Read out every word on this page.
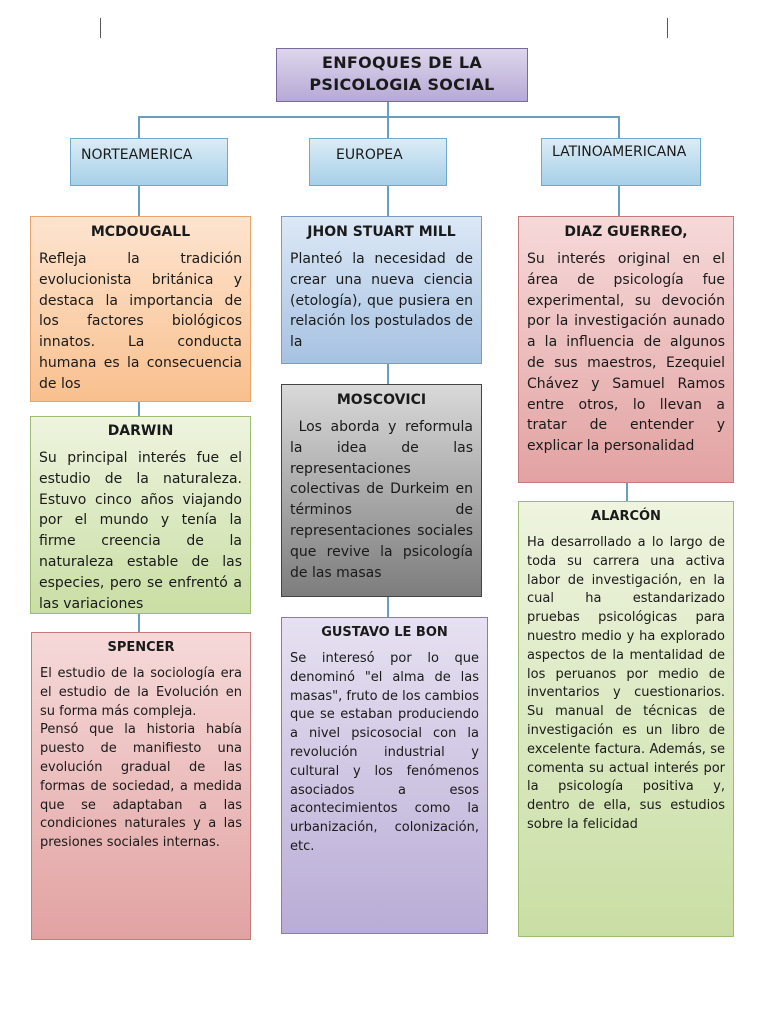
ENFOQUES DE LA PSICOLOGIA SOCIAL
NORTEAMERICA	EUROPEA	LATINOAMERICANA
MCDOUGALL
Refleja la tradición evolucionista británica y destaca la importancia de los factores biológicos innatos. La conducta humana es la consecuencia de los
DARWIN
Su principal interés fue el estudio de la naturaleza. Estuvo cinco años viajando por el mundo y tenía la firme creencia de la naturaleza estable de las especies, pero se enfrentó a las variaciones
SPENCER
El estudio de la sociología era el estudio de la Evolución en su forma más compleja.
Pensó que la historia había puesto de manifiesto una evolución gradual de las formas de sociedad, a medida que se adaptaban a las condiciones naturales y a las presiones sociales internas.
JHON STUART MILL
Planteó la necesidad de crear una nueva ciencia (etología), que pusiera en relación los postulados de la
MOSCOVICI
Los aborda y reformula la idea de las representaciones colectivas de Durkeim en términos de representaciones sociales que revive la psicología de las masas
GUSTAVO LE BON
Se interesó por lo que denominó "el alma de las masas", fruto de los cambios que se estaban produciendo a nivel psicosocial con la revolución industrial y cultural y los fenómenos asociados a esos acontecimientos como la urbanización, colonización, etc.
DIAZ GUERREO,
Su interés original en el área de psicología fue experimental, su devoción por la investigación aunado a la influencia de algunos de sus maestros, Ezequiel Chávez y Samuel Ramos entre otros, lo llevan a tratar de entender y explicar la personalidad
ALARCÓN
Ha desarrollado a lo largo de toda su carrera una activa labor de investigación, en la cual ha estandarizado pruebas psicológicas para nuestro medio y ha explorado aspectos de la mentalidad de los peruanos por medio de inventarios y cuestionarios. Su manual de técnicas de investigación es un libro de excelente factura. Además, se comenta su actual interés por la psicología positiva y, dentro de ella, sus estudios sobre la felicidad
